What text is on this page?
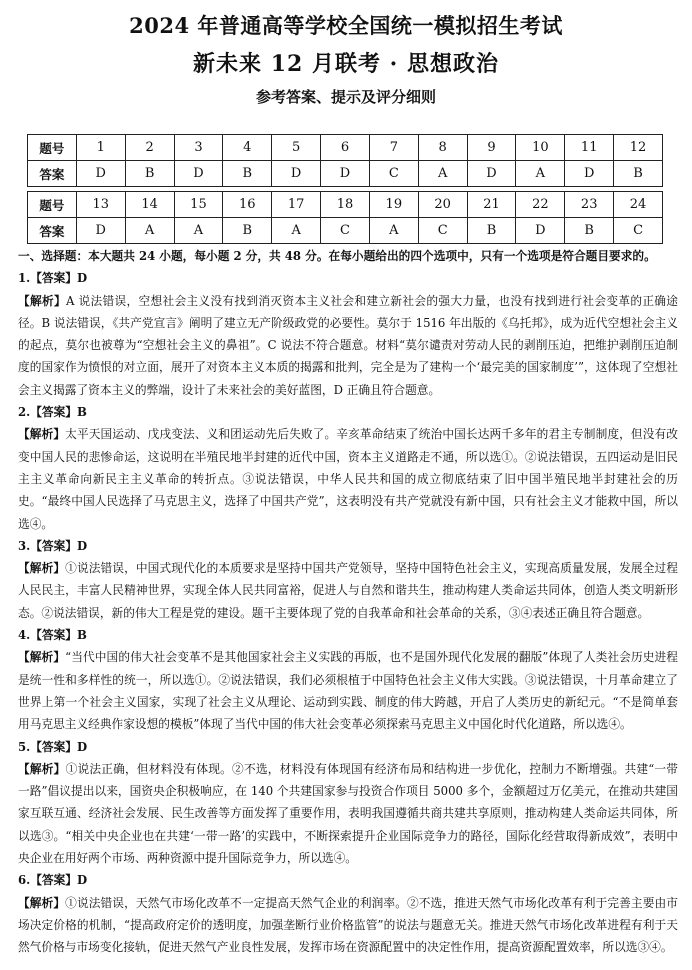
2024 年普通高等学校全国统一模拟招生考试
新未来 12 月联考 · 思想政治
参考答案、提示及评分细则
题号	1	2	3	4	5	6	7	8	9	10	11	12
答案	D	B	D	B	D	D	C	A	D	A	D	B

题号	13	14	15	16	17	18	19	20	21	22	23	24
答案	D	A	A	B	A	C	A	C	B	D	B	C

一、选择题：本大题共 24 小题，每小题 2 分，共 48 分。在每小题给出的四个选项中，只有一个选项是符合题目要求的。

1.【答案】D

【解析】A 说法错误，空想社会主义没有找到消灭资本主义社会和建立新社会的强大力量，也没有找到进行社会变革的正确途径。B 说法错误，《共产党宣言》阐明了建立无产阶级政党的必要性。莫尔于 1516 年出版的《乌托邦》，成为近代空想社会主义的起点，莫尔也被尊为“空想社会主义的鼻祖”。C 说法不符合题意。材料“莫尔谴责对劳动人民的剥削压迫，把维护剥削压迫制度的国家作为愤恨的对立面，展开了对资本主义本质的揭露和批判，完全是为了建构一个‘最完美的国家制度’”，这体现了空想社会主义揭露了资本主义的弊端，设计了未来社会的美好蓝图，D 正确且符合题意。

2.【答案】B

【解析】太平天国运动、戊戌变法、义和团运动先后失败了。辛亥革命结束了统治中国长达两千多年的君主专制制度，但没有改变中国人民的悲惨命运，这说明在半殖民地半封建的近代中国，资本主义道路走不通，所以选①。②说法错误，五四运动是旧民主主义革命向新民主主义革命的转折点。③说法错误，中华人民共和国的成立彻底结束了旧中国半殖民地半封建社会的历史。“最终中国人民选择了马克思主义，选择了中国共产党”，这表明没有共产党就没有新中国，只有社会主义才能救中国，所以选④。

3.【答案】D

【解析】①说法错误，中国式现代化的本质要求是坚持中国共产党领导，坚持中国特色社会主义，实现高质量发展，发展全过程人民民主，丰富人民精神世界，实现全体人民共同富裕，促进人与自然和谐共生，推动构建人类命运共同体，创造人类文明新形态。②说法错误，新的伟大工程是党的建设。题干主要体现了党的自我革命和社会革命的关系，③④表述正确且符合题意。

4.【答案】B

【解析】“当代中国的伟大社会变革不是其他国家社会主义实践的再版，也不是国外现代化发展的翻版”体现了人类社会历史进程是统一性和多样性的统一，所以选①。②说法错误，我们必须根植于中国特色社会主义伟大实践。③说法错误，十月革命建立了世界上第一个社会主义国家，实现了社会主义从理论、运动到实践、制度的伟大跨越，开启了人类历史的新纪元。“不是简单套用马克思主义经典作家设想的模板”体现了当代中国的伟大社会变革必须探索马克思主义中国化时代化道路，所以选④。

5.【答案】D

【解析】①说法正确，但材料没有体现。②不选，材料没有体现国有经济布局和结构进一步优化，控制力不断增强。共建“一带一路”倡议提出以来，国资央企积极响应，在 140 个共建国家参与投资合作项目 5000 多个，金额超过万亿美元，在推动共建国家互联互通、经济社会发展、民生改善等方面发挥了重要作用，表明我国遵循共商共建共享原则，推动构建人类命运共同体，所以选③。“相关中央企业也在共建‘一带一路’的实践中，不断探索提升企业国际竞争力的路径，国际化经营取得新成效”，表明中央企业在用好两个市场、两种资源中提升国际竞争力，所以选④。

6.【答案】D

【解析】①说法错误，天然气市场化改革不一定提高天然气企业的利润率。②不选，推进天然气市场化改革有利于完善主要由市场决定价格的机制，“提高政府定价的透明度，加强垄断行业价格监管”的说法与题意无关。推进天然气市场化改革进程有利于天然气价格与市场变化接轨，促进天然气产业良性发展，发挥市场在资源配置中的决定性作用，提高资源配置效率，所以选③④。
